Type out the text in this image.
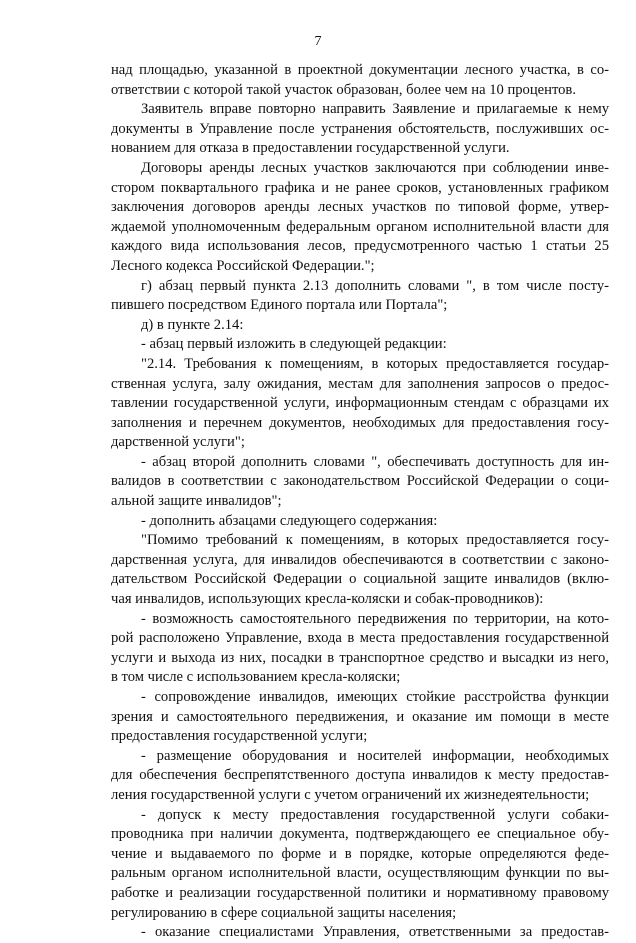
7
над площадью, указанной в проектной документации лесного участка, в со-
ответствии с которой такой участок образован, более чем на 10 процентов.
Заявитель вправе повторно направить Заявление и прилагаемые к нему
документы в Управление после устранения обстоятельств, послуживших ос-
нованием для отказа в предоставлении государственной услуги.
Договоры аренды лесных участков заключаются при соблюдении инве-
стором поквартального графика и не ранее сроков, установленных графиком
заключения договоров аренды лесных участков по типовой форме, утвер-
ждаемой уполномоченным федеральным органом исполнительной власти для
каждого вида использования лесов, предусмотренного частью 1 статьи 25
Лесного кодекса Российской Федерации.";
г) абзац первый пункта 2.13 дополнить словами ", в том числе посту-
пившего посредством Единого портала или Портала";
д) в пункте 2.14:
- абзац первый изложить в следующей редакции:
"2.14. Требования к помещениям, в которых предоставляется государ-
ственная услуга, залу ожидания, местам для заполнения запросов о предос-
тавлении государственной услуги, информационным стендам с образцами их
заполнения и перечнем документов, необходимых для предоставления госу-
дарственной услуги";
- абзац второй дополнить словами ", обеспечивать доступность для ин-
валидов в соответствии с законодательством Российской Федерации о соци-
альной защите инвалидов";
- дополнить абзацами следующего содержания:
"Помимо требований к помещениям, в которых предоставляется госу-
дарственная услуга, для инвалидов обеспечиваются в соответствии с законо-
дательством Российской Федерации о социальной защите инвалидов (вклю-
чая инвалидов, использующих кресла-коляски и собак-проводников):
- возможность самостоятельного передвижения по территории, на кото-
рой расположено Управление, входа в места предоставления государственной
услуги и выхода из них, посадки в транспортное средство и высадки из него,
в том числе с использованием кресла-коляски;
- сопровождение инвалидов, имеющих стойкие расстройства функции
зрения и самостоятельного передвижения, и оказание им помощи в месте
предоставления государственной услуги;
- размещение оборудования и носителей информации, необходимых
для обеспечения беспрепятственного доступа инвалидов к месту предостав-
ления государственной услуги с учетом ограничений их жизнедеятельности;
- допуск к месту предоставления государственной услуги собаки-
проводника при наличии документа, подтверждающего ее специальное обу-
чение и выдаваемого по форме и в порядке, которые определяются феде-
ральным органом исполнительной власти, осуществляющим функции по вы-
работке и реализации государственной политики и нормативному правовому
регулированию в сфере социальной защиты населения;
- оказание специалистами Управления, ответственными за предостав-
